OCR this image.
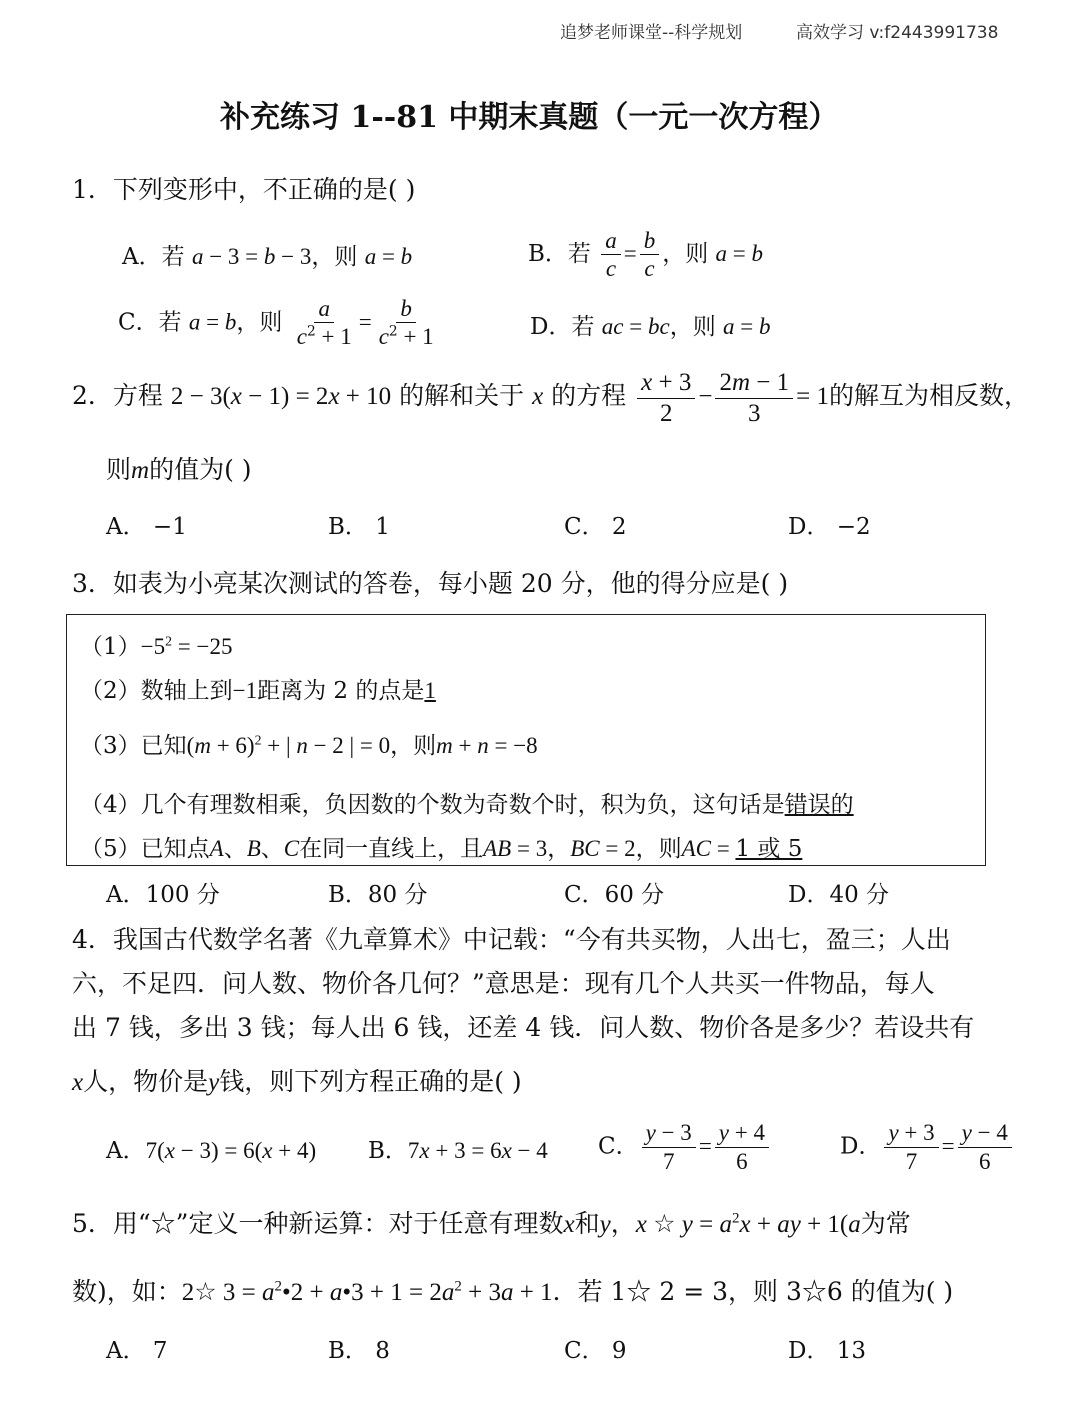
追梦老师课堂--科学规划	高效学习 v:f2443991738
补充练习 1--81 中期末真题（一元一次方程）
1．下列变形中，不正确的是( )
A．若 a − 3 = b − 3，则 a = b	B．若 $\frac{a}{c} = \frac{b}{c}$ ，则 a = b
C．若 a = b，则 $\frac{a}{c^2 + 1} = \frac{b}{c^2 + 1}$	D．若 ac = bc，则 a = b
2．方程 2 − 3(x − 1) = 2x + 10 的解和关于 x 的方程 $\frac{x + 3}{2} - \frac{2m - 1}{3} = 1$的解互为相反数，
则m的值为( )
A． −1	B． 1	C． 2	D． −2
3．如表为小亮某次测试的答卷，每小题 20 分，他的得分应是( )
$(1)-5^2 = -25$
（2）数轴上到−1距离为 2 的点是1
（3）已知$(m + 6)^2$ + | n − 2 | = 0，则m + n = −8
（4）几个有理数相乘，负因数的个数为奇数个时，积为负，这句话是错误的
（5）已知点A、B、C在同一直线上，且AB = 3，BC = 2，则AC = 1 或 5
A．100 分	B．80 分	C．60 分	D．40 分
4．我国古代数学名著《九章算术》中记载：“今有共买物，人出七，盈三；人出
六，不足四．问人数、物价各几何？”意思是：现有几个人共买一件物品，每人
出 7 钱，多出 3 钱；每人出 6 钱，还差 4 钱．问人数、物价各是多少？若设共有
x人，物价是y钱，则下列方程正确的是( )
A．7(x − 3) = 6(x + 4) B．7x + 3 = 6x − 4 C． $\frac{y - 3}{7} = \frac{y + 4}{6}$	D． $\frac{y + 3}{7} = \frac{y - 4}{6}$
5．用“☆”定义一种新运算：对于任意有理数x和y，x ☆ $y = a^2x$ + ay + 1(a为常
数)，如：2☆ $3 = a^2•2$ + a•3 + $1 = 2a^2 + 3a + 1$．若 1☆ 2 = 3，则 3☆6 的值为( )
A． 7	B． 8	C． 9	D． 13
